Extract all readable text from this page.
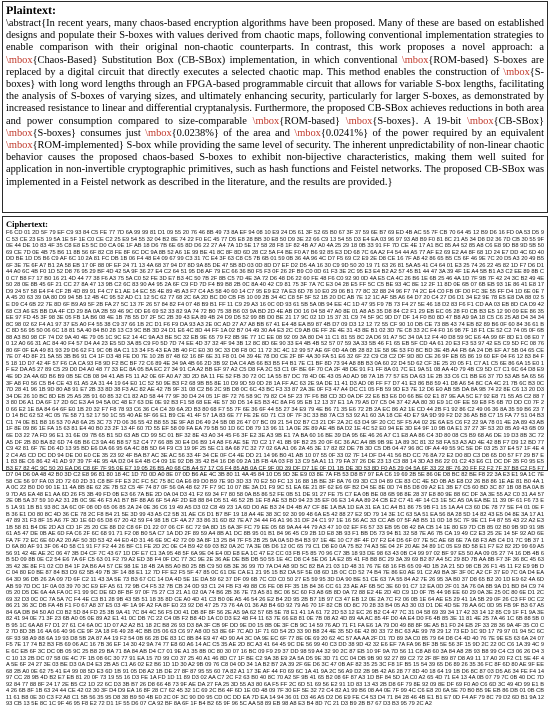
Plaintext:
\abstract{In recent years, many chaos-based encryption algorithms have been proposed. Many of these are based on established designs and populate their S-boxes with values derived from chaotic maps, following conventional implementation strategies to enable comparison with their original non-chaotic counterparts. In contrast, this work proposes a novel approach: a \mbox{Chaos-Based} Substitution Box (CB-SBox) implementation, in which conventional \mbox{ROM-based} S-boxes are replaced by a digital circuit that directly executes a selected chaotic map. This method enables the construction of \mbox{S-boxes} with long word lengths through an FPGA-based programmable circuit that allows for variable S-box lengths, facilitating the analysis of S-boxes of varying sizes, and ultimately enhancing security, particularly for larger S-boxes, as demonstrated by increased resistance to linear and differential cryptanalysis. Furthermore, the proposed CB-SBox achieves reductions in both area and power consumption compared to size-comparable \mbox{ROM-based} \mbox{S-boxes}. A 19-bit \mbox{CB-SBox} \mbox{S-boxes} consumes just \mbox{0.0238%} of the area and \mbox{0.0241%} of the power required by an equivalent \mbox{ROM-implemented} S-box while providing the same level of security. The inherent unpredictability of non-linear chaotic behavior causes the proposed chaos-based S-boxes to exhibit non-bijective characteristics, making them well suited for application in non-invertible cryptographic primitives, such as hash functions and Feistel networks. The proposed CB-SBox was implemented in a Feistel network as described in the literature, and the results are provided.}
Ciphertext:
F6 CD 01 2D 5F 79 EF C9 93 84 C5 FE 77 7D 6A 99 99 81 D1 09 55 20 76 46 8B 49 73 8A EF 94 08 10 E9 24 D5 61 3F 52 65 B0 67 3F 37 59 6E B7 69 ED 4B AC 55 7F CB 70 64 45 12 B9 D6 16 FD 0A 53 D5 9C 53 CE 23 E5 19 5A 1E 5F 1E C0 CE C2 25 E9 54 55 32 04 B2 8E 74 22 F0 EC 45 77 D5 E8 28 BB 30 E8 50 D9 3E 22 66 C9 13 54 55 D3 E4 EA 03 96 97 93 A8 B9 F0 81 8C 21 A5 34 D8 D2 36 7D CB 30 55 9F 0E 44 DE 10 83 4F 35 C8 E8 E5 5C D0 CA 0E 1F AB 18 D6 7B 6E 65 8D D6 22 27 A4 7A 1D 5E 17 58 28 F8 1F 82 4B A7 A0 4A 25 29 18 0B 33 91 FF 7D CE 4E 17 A1 BC 85 A4 52 85 A8 C6 E8 9D B8 9D 5B 50 69 CE 7D 0E 4B 75 B6 11 8B 56 6F 82 C8 FE 8F 6C DC 9A 8B 52 A6 1E 99 BE 41 8C 8F 8D 6D 28 C2 5A F4 BE F0 A7 B6 92 85 E3 DD 68 7C 6A A2 F4 54 44 A5 77 AF E2 69 E2 A4 8F 68 1D 24 E7 DD 4C 6D 40 DD BE 1D D5 B6 C9 AF 6C 10 2A 81 FC DB 1B 06 F4 48 E4 09 67 99 C3 31 7C E4 3F 63 C8 C5 7B 6B 01 59 0B 36 4A 96 4C D7 F5 69 C2 E9 2E D8 CE 16 7F A8 42 86 65 B5 C5 6F 46 9E 7C 20 D5 A3 20 49 B5 6F 3E 7E 6F A7 B1 2A 58 EB 17 0F 88 0F EF 24 71 13 4A 68 37 94 D7 8D 9A 85 DE 47 5B 8D 03 0D 8D D7 EF D2 D5 4A 16 30 C9 9D 50 20 19 71 63 26 81 5A A5 41 C4 64 01 E3 25 74 26 22 45 82 1D F7 D6 D1 44 A0 6C 4B F0 1D 52 D8 76 95 29 BF 4D 42 5A 9F 36 27 E4 C2 64 51 95 D8 AF 79 EC 66 36 B0 F5 F3 0F 26 2F B9 C0 0D 61 F3 3E 2C 95 E3 E4 B2 A2 57 45 B1 44 47 3A 39 4F 1E A4 5B B1 A3 C2 EE 89 8B C0 C7 B8 F7 17 B0 16 21 4D 44 77 38 F6 A3 75 5A C0 52 FE 3D E7 B3 4C 50 7B 2F 8B C5 7D 4E 3A 72 D6 48 D6 22 60 FE 48 F6 C0 92 90 0D 4A E5 CA 4C 26 B6 1E 6B 25 46 4A 1D 7F 9B 7F 42 24 3C B2 49 4E 50 28 0E 8B 45 6F 21 CC 27 8A 47 13 9B C2 6C 83 90 A4 95 2A 6F C9 FD 7D F4 B9 B8 2B 0C 8A 40 42 C9 81 75 3F 7A 7C E3 04 28 E5 FF 5C C5 BE 93 4C 8E 12 2F 11 8D 0E 6B 07 6B EB 93 1E 86 41 E8 17 D9 24 57 58 E4 F4 CF 2B 4D 89 91 F4 C7 E1 AE 14 EC 55 4E 89 45 A3 F7 C4 A5 58 40 60 14 C7 95 E9 E2 7A E3 6D 78 10 E0 29 06 B1 77 8C 32 88 24 96 F7 74 2C E4 C0 FB 0F D0 FC 3E 55 FF D4 1D 6E 0E 7A 45 20 63 39 0A 80 D9 94 5B 12 4B 4C 95 52 AD C1 12 5C 62 77 68 2C 6A 2D BC D0 CB FB 10 09 2B 34 4C C8 5F 5F 52 1B 20 DC AB 7E 12 1C AF 5B A6 64 D7 20 C4 27 D6 D1 34 E2 9E 78 E5 E8 DA 88 02 5E D9 C4 6B 22 7E 8D 6F B9 A9 5F 2B FA 27 5C 13 7F 26 57 84 82 F4 07 48 B9 B1 FF 11 C9 29 A3 16 0C 0D 93 61 5B 5A 0B 94 EE 4C 1D 47 95 F9 7B 73 F4 27 5E 46 18 D2 83 F6 F1 CD AA 03 EB 8D CA D9 42 68 C3 A6 E5 BB DA 4F CD 29 8A 0A 2B 59 46 9C 0D E6 69 52 33 82 9A 74 72 B0 75 38 B6 03 9A BD 2D 4E AB D0 16 04 58 47 A0 8E 01 A8 A5 35 D8 84 C2 F1 29 EB EC 05 28 F0 CB B3 E5 12 90 09 EE 86 35 EE 97 FD 45 3F 98 3E 05 FB 1A B6 08 4E 1B 7B 55 D7 2F 5C 2B 39 43 EA 89 4B 24 D9 D5 52 99 8B D0 BE 21 17 9C 02 1D 15 37 31 C9 74 5F 9C 9D D7 DF 14 F0 B0 8D 47 B8 A9 9A 18 C5 C6 25 A8 D4 34 34 8C 98 02 62 F4 A1 97 37 E5 A0 F4 55 38 C9 37 66 1B 2C D1 F6 F9 DA 93 A3 2E 0C AD 27 A7 A8 BB 67 41 E4 48 EA B9 87 4B D7 09 D3 12 12 72 55 CF 90 10 DB CE 73 8B 43 74 EB 82 89 B6 0F 60 84 36 61 BC 8D 56 95 50 06 6C 18 81 5A 40 84 B0 28 13 C3 9C BB 3D 24 D1 E6 4C 8D 44 FF 1A 02 B7 04 49 30 A4 E3 2C C9 AB 0E FF 2E 4E 31 43 8E B1 02 3D 7E C8 33 2C F4 F0 16 98 7F 18 F1 CE 52 C2 74 05 0F 6B 88 A3 B0 98 CF 74 D2 9A 40 4E 79 05 1C 9C E2 14 4C 9A A3 BE 5C 32 EB 9E 65 79 F2 8B 9E 77 1C EE 08 92 09 3A 80 D4 11 C1 81 55 8C 2A D6 91 A7 5C 34 0A 12 F4 40 D8 59 9C E6 4A 99 6F 8D E1 08 E0 70 12 A0 66 31 AC 84 40 F4 57 D4 A4 23 E5 5D 3A 85 C9 F0 5D 7D 74 EE 4D 37 32 4F 94 3B 12 8C 8D 6E 90 33 E4 4B 4B 52 57 07 59 3A 33 5B 46 F1 65 EB 5F CD 4A 61 20 E3 F3 53 97 42 E5 C9 5D FC 08 76 80 6F 0F EA 49 81 93 29 D6 62 F1 9C 0B 8A C1 13 34 F5 43 EA 3B 40 FC E0 30 9C 33 D8 F8 0C 11 72 3C 4C 12 99 57 AE 6F 0D 4A 0B 28 82 1E 58 9E 53 F0 8C BD 3E 4B A4 FB 6A 24 DB EF A7 5B 04 65 CE 7E 07 4D 8F 21 5A 55 3B B6 91 C4 1F D3 48 FE D0 7E 10 2B 87 48 62 16 8F 6E 31 F8 01 04 39 4E 78 D0 CE 2F 8F 4A 30 FA 51 E6 32 6F 22 C9 C8 C2 DF 9D 8D CE 26 9F EB 65 86 19 60 EF 04 F6 12 83 84 F5 18 1D D7 42 4F 57 F6 CA CA 93 F8 9D F2 BC BF 72 C6 89 4E 34 9A 4B 66 2D 3B 92 DA C4 AB 66 B3 B5 F4 B1 7E C1 BF 8D 73 94 A8 8B B3 0A 60 22 D4 5D 62 CF 3E 25 20 05 F1 C7 A1 C5 6E 86 6A 15 E0 1F E2 DA A5 27 89 C5 29 D0 D4 A0 48 77 33 EC 8A 05 BA EC 27 34 91 CA A2 BB EF 97 A2 C5 D8 FA 2C 53 C1 0F BE 6F 70 CA 2F 48 DE 91 F1 FF 8A 01 7C E1 9A 51 08 AA 4D 79 4B C9 5D C7 C1 6C 64 D8 E9 4E 9D 2A 4A 6D B6 B9 0B 5E CB 08 94 41 AB F5 11 A2 0E 6F A0 A7 3D 2D 8A 11 FE 52 FB 30 72 0C 1A 55 B7 DC 78 4D 0E 43 05 A0 AD 98 7A 1B 77 57 E5 DA 63 1E 2B 33 C6 C1 BB E6 37 7D 53 AB 5A 65 56 3F A8 F0 56 C5 B4 CE 43 61 A5 2A 31 44 19 64 E0 1C 52 50 9E B3 F2 68 9B B5 8E 10 D9 9D 59 0D 28 1A FF AC 63 2E 9A DE 11 41 D3 AD 08 FF F7 D7 41 E3 86 B8 59 41 D8 A6 54 8C CA 4C 21 7B 6C B3 0C 7D 28 41 96 1B 9D 80 A8 91 E7 2B 33 8D 38 F3 AC 82 AE 42 7B 9F 31 08 C2 B6 2C 9B D8 0C 6C 43 BC F3 33 87 2A 3E 0F F3 47 A4 DC C1 05 FB 59 9D E3 7E 12 D6 E0 AB 5B DA 8A 9B 74 22 8E C6 13 20 D3 34 DE 26 10 BC 8D EB 25 A5 2B 91 60 85 32 C1 82 AD 58 44 77 9F 30 D4 24 05 1F 8F 72 76 58 9C 79 82 C4 5F 23 7F F6 B8 CD 3D 0A DF 22 E6 B3 E6 D0 66 BE 02 E1 87 9E AA 5C E7 92 E8 71 55 A5 C2 88 73 80 D6 A1 DA 6F 17 2D 6C E3 A4 94 5A 0C 48 E7 63 DE 0E 92 B3 F1 58 68 EE 4E 57 30 D5 14 E5 B3 4C 8A F6 95 EB 12 13 37 E1 1A 79 A5 D7 C5 04 37 42 AA 80 30 E9 1C 0F EE 59 E8 F5 6B 7D DD C0 7F 20 66 E2 1E 8A 84 64 6F E0 1B 20 32 F7 F8 78 93 C6 36 C4 C4 39 6A 2D B3 80 68 F7 55 7F 6E 36 6F 44 55 27 34 E9 79 4E B6 71 35 E6 72 2B 2A EC 86 A2 1E CD 44 2B F1 92 86 C2 49 06 36 8A 35 59 B6 23 7D 14 BC 62 52 4C 05 7E 58 71 52 17 50 1C 55 40 AE 5F 66 E1 B9 CE 41 4F 57 1A 83 6E 77 FE 2E 6D 71 C3 0F 7F 3C 33 B8 7A C3 53 92 A1 60 3A 18 CE 4D E7 9A 9D 99 F2 D2 36 A5 B8 C7 15 FA 77 51 04 B3 C1 74 0E B1 B8 16 53 70 A8 6A 25 3C 73 7D 06 36 55 42 B8 55 3E 9F A8 D6 49 24 5B 08 26 47 07 BC 09 21 54 D2 B7 C3 21 DF 2A 2C 63 D4 9F 20 CC 5F F5 A4 02 2E 6A E5 C6 F2 22 9A 78 01 4E 2A 89 43 AB 1F 8E 09 86 1E FA 15 63 81 E4 40 B0 23 2F 13 4F 60 7D 55 EF 58 09 FA EA 79 5B 50 1D 6C D8 79 13 96 11 1A 0E 2E 89 AE 4B 8A D2 1E 4C 52 E0 94 EE 3D E4 9F 10 9B 0A E1 37 27 3F 53 2D 85 A9 43 6B 09 6E D3 22 7A FD 96 E1 31 6E 09 7B 65 B1 5D 63 AB CD 99 5C 01 BF 32 8E 43 A0 34 45 F6 3F E2 3E A3 9B E1 7A BA 60 16 BE 39 DA 95 6E 46 26 A7 C1 E8 AA 86 C4 3D 80 08 C5 B9 68 A6 DE 19 D3 8B 3C 72 A5 DF 2B 80 BA 82 6D 74 6B B6 C3 9A 46 B8 57 52 C4 77 66 8B 30 E4 D6 B9 14 A8 F6 AE 5E 7D C2 17 41 8B 9F B2 25 20 0F 6C 36 AC A4 8B 9B 9E 1A 89 3C 81 32 58 FA 53 A3 AD 4E 42 8B F7 D9 12 BD 77 C9 42 81 6F 7E D6 4D 13 95 BD E6 DA 66 95 6A 4C 8B 5D 64 F9 C3 19 9F 25 5E C1 8A 68 7C 32 77 02 6A A1 06 2A 45 3E 17 82 82 DE 7B 3D C5 DB 04 47 96 8C 0F A4 49 55 9C 5E DF 03 25 37 E4 57 1F 4E 42 C4 A5 CD DC DD 94 DE D0 E0 CE 35 23 92 4F BA B7 AC 3E AC 56 33 4F 34 CE 0F C4 4E DD 21 14 96 B0 41 AB 10 07 55 0F 33 02 7F 14 DF D4 41 56 BD CC 76 8A 72 E2 D0 8D C3 D8 65 D0 57 F7 29 B7 E1 83 8E C6 86 42 41 AD 97 39 7F 4E 95 4A D2 04 E4 4B C4 09 1E 92 DB 35 42 B4 16 D8 09 2A 1B FB 4A 03 F8 13 C9 5A A1 11 79 FA 37 26 DE 23 13 C3 88 14 3D A3 B6 22 01 C2 43 E6 C1 DC DF 35 F0 95 E5 B3 E7 82 4C 9C 50 20 EA D6 C8 6F 7F 95 0E E7 19 05 26 B5 A0 68 CB A4 57 17 C6 F4 85 AB 0A CF 9F 0D 39 DF D7 1E 0F D1 1B DE 3D 53 8D F0 A5 29 04 5A 6F 33 22 8F 76 20 FF F2 F2 7F 37 B8 C2 F5 F7 D7 04 D6 0A 48 42 B0 3D C2 E8 96 81 80 18 4C 1D 7D 0D A0 8E 07 0D B6 AE 4C 3B 80 11 4A 45 84 10 D5 9D 3E E9 03 8E 7A FB 53 D8 B7 97 EA C6 19 69 2B 5E 86 0E D8 BC 82 BE F8 22 3A E3 E1 9A 1C 7E 58 CE 56 97 FA 03 2D 72 60 2D 31 C8 BF FF E3 2C FC 5C 75 8C 0A E6 89 D0 B9 7E 9D 3D 33 70 E2 50 FC 13 16 88 1B BE 3F 8A 76 09 3D C3 04 89 CE 83 CC 4E 5D 0B A5 E8 D2 26 B8 86 1E AE 81 B0 4A 1A 0C 22 B0 D0 90 1E 11 4A 8B 8E 62 2E 7B 52 C5 4F 74 87 0F 56 0A 48 62 7F F7 9C 10 07 8E 3A D1 F9 9C 51 EA 6E 21 8F 62 E6 6F B2 D4 5E 8E 0D 74 B5 D8 09 A2 E1 3B E7 C5 60 BD 3C 87 1B 08 BA 0A B9 7D A5 EA 48 E1 AA 6D 26 F5 3B 49 FD 0B E3 66 7A BE 2D 0A 04 D3 41 F2 69 34 F7 80 58 0A B5 86 52 FE 0B 51 DE 91 27 FE 75 C7 EA 0B BE 08 6B 98 8E 28 37 E8 80 9E 88 6C DF 3A 3E 55 A2 C0 31 A4 57 2E 0B 5A 37 59 10 A2 31 2B 0C 9E 46 F3 A1 B7 BF 88 A6 6F 54 AF 2D E8 88 84 D5 51 46 52 2B 1E F8 AE 53 BD 94 23 35 EF 06 E3 14 AA 89 24 CB E2 C7 41 4F 14 C3 1E 5C A5 0A EA BE 11 39 0F 61 F6 73 E5 1A 91 1B B1 93 8C 3A 6C 0F 08 0D 65 06 85 2A 24 0E 36 C6 19 49 A5 D3 02 C8 49 23 1A 6D D0 AE B3 24 D4 4B A7 CF 8E 1A BA 1D EA 31 EA 1C A4 B1 86 75 9B F1 15 1A A4 C3 60 DE 78 77 5E F4 01 0E FB 36 E1 D0 80 8C 4D 36 CE 78 2C F8 B4 21 5E 3D 99 43 A5 C2 5B 31 AE C6 D1 B7 BF 19 18 A4 4E 38 3C 92 30 99 48 6A E5 42 88 27 E2 9D 79 14 3E 1C 63 5A 51 EA 56 8A 28 5D 14 82 43 E5 04 8E 3A 17 A1 47 89 31 F3 8F 15 A6 7F 3D 1E 6D 65 D8 67 20 42 59 F4 98 1B CF 4A 27 33 86 31 6D 82 7E A7 34 44 F6 A1 96 31 DF 24 C1 97 1E 16 56 AC 33 CC AB 07 5F A8 B5 11 0D 18 5C 7F 9E C1 F4 87 55 43 22 A2 E3 1B 58 81 B4 DE 2D A3 CD 1F 25 20 CE 88 D2 C8 6F D1 22 07 06 CF 6C 72 9A 8D 15 6A 3F FC 79 EE 05 68 9A A4 44 79 A3 47 10 02 EF F6 57 33 EB 95 08 42 8A CB 14 1E 80 E9 7D CB 85 02 B0 9B 9D 91 9B 61 A5 47 DE 0B AE 6D FA C6 2F 6C 68 91 71 F2 08 B0 5A C7 1A DD 2F 89 59 A4 8B A1 DC 8B 95 01 B1 84 96 45 C9 2B 1D E8 3B 93 F1 BB D5 73 94 B1 32 58 7E A6 7B CA 19 49 C2 E3 25 2E 14 5F 92 AD 6E FA 7F 72 EC 6E 60 A2 20 AF 50 3D 53 42 44 E0 4D 31 46 6E 9C 42 72 09 3A 8F 13 25 84 7F F5 2B 25 9A 0A 5D B4 B3 97 1E 4E 10 C7 8F 4F D7 F2 E4 D5 6F 07 7E 5C AE 68 6E 7A 68 F3 AB C4 D1 7C 9B 37 1D 6A 80 AF 91 3F 06 4D 58 C1 91 F7 F2 44 26 BF C1 FE 2D 2C 0E C4 B9 42 69 03 B2 0A 2C 7A 3E 0B D6 12 0C 65 79 C1 D8 E0 0A 75 B2 74 A3 5E 04 2F 20 AE 34 89 1C 05 E9 8D 58 E1 F7 E2 82 2D 99 69 A5 56 91 42 4E AE 2C 06 47 3B D4 CF 7C 43 67 1D DF E7 C1 3A 95 48 5F 6A 9E 04 E4 0D E8 EA 1C 47 E2 CC 03 FB F5 85 70 96 C7 3B 18 93 DE 98 63 43 0B C4 99 97 02 BF 97 E5 50 AA 09 05 27 74 16 DB 4B 6B 5D 09 8B 0E C2 54 E6 7A 6F C5 63 01 F2 79 A2 ED 38 F4 0F DC 77 3C 9E 2E 36 AE DE BB DB 50 55 1E 4C D8 C4 5E D6 1A E2 85 41 F8 B8 8C 29 3A 39 69 B2 87 A4 5C 29 8D 7B AA 8B F7 3F 36 8C 45 63 35 42 3E 8E F1 02 CD B4 1F 2A B6 A4 57 CE 98 1E 18 4B 2A B5 A0 B0 25 8B C9 50 6B 3E 36 99 7D 7A D4 A8 9D 5C 82 BA 21 03 1D 48 31 76 7E 68 16 FB 65 09 4D 1B 2A 21 5D 98 CB 26 F1 45 11 F2 E9 9B DC 04 80 E0 BE 87 84 B3 D9 62 5B 49 7B 3F 14 88 E1 12 7D FF E2 F5 5F 47 85 0C 61 DE CA E1 21 95 15 B2 DA 5F 5E 08 6D 1B 0C CD 52 74 B4 7E 86 E0 AE 91 C2 A9 BA 3F 3F 0C A2 CF 37 E0 7C 0A D4 EA 64 3D 96 DB 26 2A 09 7D 6F C2 11 43 3A 5E 73 B3 67 CC 14 DA 4D 5E 1E DA 59 62 37 DF 09 6B 7C CD C0 50 27 E5 59 95 3D DA 90 BE 51 CE 63 7A 55 84 A2 7E 26 95 3A B0 37 D8 65 B2 20 1D E9 62 4A 6D AB 59 7D DC 1F 0A 03 39 70 3C E9 EF A5 61 72 9B C4 F5 32 7B CB 24 0D 93 C1 24 FB F3 49 88 C6 FE 08 FF 35 1B 84 36 CC 61 23 AE AF 6B 5C 3E 60 91 C7 12 EA 0D 2F 01 3A 76 0A 8B 9A D1 BD 84 C9 74 05 20 D5 DE 6A 4A FA 0C F1 99 9C DE 6D 8F BF 97 0F 75 27 C3 21 A1 02 0A 74 B6 2B 36 7E 73 A5 81 BC 06 5C 60 F3 A8 6B 8D 0A 72 88 E2 4E 2D 4D C9 1D 0F 7B 44 98 EE 60 29 0A 3E 25 0C 80 6E D1 2C 69 32 D3 0C 0C 7A 5A 7C F4 4E C3 B1 28 9B 43 5B 51 18 35 8D CE A0 4D 41 C3 B0 0E A5 46 54 26 E2 B4 2D 95 2B B7 1B 97 C3 47 EB 12 0E 2A 7C F2 06 0B 1E 64 AE E5 29 41 1A 5B 29 0F 26 C3 FF 0C C2 86 21 36 3C DB FA 4B F1 F0 67 A8 37 E5 03 4F 1A 9F A2 FA 8F E0 23 92 D8 47 25 73 76 4A 01 36 A8 B4 6D 92 79 A6 70 1F 82 CB 0D 8C 70 28 33 B4 05 A3 30 03 D1 DE 4D 5E 78 AA 6C 0D 95 FB 9F B3 67 A5 84 6A DB 84 50 A0 C0 B2 5D 84 FD 25 3B 9A 41 7C 84 4C 56 F5 D0 41 DB 8F 8F 56 2E A5 9A 62 57 6B 5E 78 E1 41 1A 61 72 2D 53 12 EC 26 B2 C4 47 7C 31 04 58 69 39 34 17 42 33 14 12 85 C9 1F F1 9A 3E 82 41 94 0E 71 3F 23 6B A0 05 0E 89 A2 E1 41 0C DB 7C 22 C4 0B F2 B8 4D 1A C0 D3 E2 48 F4 11 63 7E 66 E8 81 0E 7B 08 A2 4D 89 4A AC 85 4F D0 4A E4 D0 F6 4B 85 3E 11 81 4E 25 7A 46 1C 6B 88 5B 0B 95 1C 6A A8 F7 D1 27 61 C4 6A 0C 1D 07 A2 A2 B1 18 2C B8 26 93 D3 8A 3F CB 9F DD 9E D0 15 8B 0E 3F CB 9C 14 59 76 AD 71 F1 FA E6 1A 79 D0 49 88 8F 9E A5 B1 F0 24 EB 2F 33 28 36 9A 4F 35 C0 C2 7D 8D 3B 16 4A 66 40 96 CE 9F 2A 18 F6 49 28 4C BB D5 06 63 C6 97 A8 0D 53 8E 6F 7C AD 1F 71 6D 54 2D 33 90 B8 24 4E 35 5D 6E 42 80 33 72 BC 63 AE 99 78 29 12 73 ED 1C 9D 17 79 97 01 94 5C 6C 6F 93 98 A9 88 6A 19 93 D8 5B 2A 87 A4 19 F2 54 0B 66 28 DE 83 1C 8B 84 E9 47 4D 90 A4 3C 0A 9E EC 6F 77 8E 0E 69 20 62 4C 57 AA AA 2F D1 7D 89 3A C0 85 79 64 D8 C4 4D 40 76 7E 9E E5 63 6A 24 07 F5 7E 17 74 B2 B3 FB 69 06 AC 16 7B 36 EF 14 30 42 9A 74 77 E8 60 A6 14 AC C5 35 AE 2D 8C A3 41 64 45 9C DE 56 99 40 C3 DD 38 9D 42 32 E6 EF 7A FA 96 BF 3B 5E 56 3F 15 9D 2C 22 0C C6 1A 39 4C 9E 6C EB 6F 3C DC 0B 05 9C 25 B8 29 BA 71 8A 84 AB D4 C7 01 9E A1 35 8B 0C 80 30 07 16 BC 09 F9 29 37 DD 98 59 A4 32 90 2C 87 EB 10 9F 9A 7D 56 11 C8 A8 60 3A 84 A8 2B 93 B8 99 C4 C3 06 26 D4 3C 10 13 2B DC 07 58 0E 4C 7F 1B 08 6C 30 77 91 EA 15 7D 99 C0 37 25 40 A1 46 8D C7 1F BE C2 9A 38 E9 2A 5A D5 9E 3D 71 CC 04 DB 9B 90 92 27 89 C2 72 2F 8F B9 87 D8 A9 11 17 A0 20 F2 C1 5E 4F 4A 5E 6F 24 27 3E 03 BE D3 0A D4 E3 2B A5 C1 A6 02 E2 B6 1D 1D 30 A2 9B 09 76 C8 04 0D 34 1A B2 B7 2A 39 2F 6E D6 3C 47 0B AF 82 35 25 3C F8 1F B5 15 54 39 65 D6 89 26 35 36 FC 8F 6D 80 AE 9F EE 68 2B A0 0E 62 75 41 E4 99 08 5D E3 6D 1B 91 05 D8 A2 1B DE 27 8F 87 95 55 60 7A 82 A1 17 3E AF 44 F0 69 6C 1A 41 9A 2C 56 A9 D2 2B 9B 42 A6 28 77 8D 40 18 64 19 1B D6 8C 87 03 D5 A6 34 FE F4 14 97 CC 28 9B 4D B2 E7 EB 81 20 0F 73 19 55 16 D3 FE 1A FD 1D 11 89 D3 02 AA C7 2C F2 63 B0 40 8C 70 A2 5F 9B 41 65 B2 08 6F 87 A3 1D BF 84 5D 1A C0 A2 65 4D 71 E4 13 4A 0B 07 79 7C 0B 40 DC 7D 92 84 77 88 8F 24 17 2E B5 C2 1D 22 6C D3 3B B7 26 D8 66 48 73 9F AE DA 27 FA 25 3D 55 A3 80 6A F5 FF 2C 6D 51 69 56 E2 91 1D 83 13 43 2B D8 6F 79 8E 92 09 8E DF 69 F0 A0 C6 6D 3C 49 4D 99 E1 B4 26 6B 8F 1B 63 24 44 CE 42 02 30 3F D4 D9 EA 16 8F 28 C7 62 45 32 1C 69 2C B6 4F 6D 1E 0D 48 09 7F 30 EF 5E 32 72 C4 82 A1 99 B6 08 A4 0E 7F 99 4C C6 E8 20 6A 5E 70 B0 B5 9E EB 86 DB 01 0B CB 11 61 B8 0E 30 C3 F2 A8 C1 5B 56 35 95 D8 38 B9 50 4B E0 2C 0F 3C 90 D0 95 CD 0C DD EA 7D EA 14 94 36 01 D3 46 A5 D2 D6 E9 FE C4 53 D4 71 84 28 46 4B E1 B1 E7 0D F4 AF 79 8C 79 D2 6D B1 9A 12 93 CB 13 5E 8C 1C 9F 46 95 F8 E2 72 D1 1F 55 D6 07 CA 92 BF 8A 6F 1F B4 B2 65 9F 96 5C AA 58 89 EB 98 A8 E3 B4 8D 7C 21 D3 B9 2B B7 67 D3 B3 95 79 2C A2
